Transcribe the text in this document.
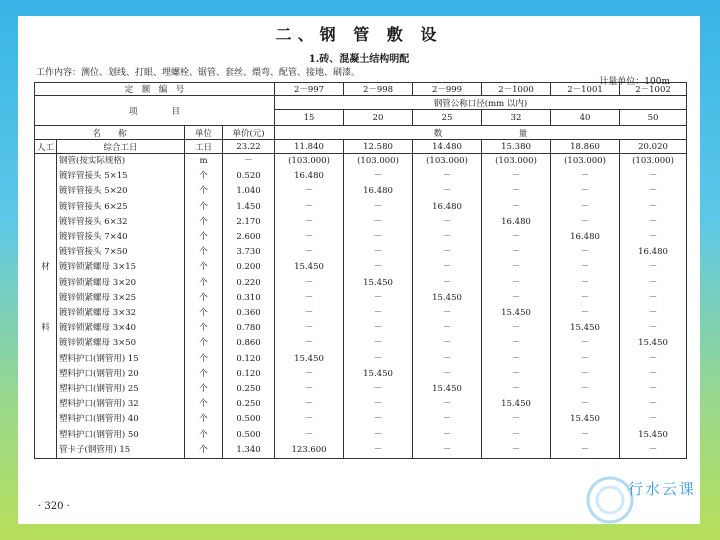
二、钢 管 敷 设
1.砖、混凝土结构明配
工作内容：测位、划线、打眼、埋螺栓、锯管、套丝、煨弯、配管、接地、刷漆。
计量单位：100m
定　额　编　号				2－997	2－998	2－999	2－1000	2－1001	2－1002
项　　　　目				钢管公称口径(mm 以内)					
				15	20	25	32	40	50
名　　称		单位	单价(元)	数　　　　　　　　　量					
人工	综合工日	工日	23.22	11.840	12.580	14.480	15.380	18.860	20.020
	钢管(按实际规格)	m	－	(103.000)	(103.000)	(103.000)	(103.000)	(103.000)	(103.000)
	镀锌管接头 5×15	个	0.520	16.480	－	－	－	－	－
	镀锌管接头 5×20	个	1.040	－	16.480	－	－	－	－
	镀锌管接头 6×25	个	1.450	－	－	16.480	－	－	－
	镀锌管接头 6×32	个	2.170	－	－	－	16.480	－	－
	镀锌管接头 7×40	个	2.600	－	－	－	－	16.480	－
	镀锌管接头 7×50	个	3.730	－	－	－	－	－	16.480
材	镀锌锁紧螺母 3×15	个	0.200	15.450	－	－	－	－	－
	镀锌锁紧螺母 3×20	个	0.220	－	15.450	－	－	－	－
	镀锌锁紧螺母 3×25	个	0.310	－	－	15.450	－	－	－
	镀锌锁紧螺母 3×32	个	0.360	－	－	－	15.450	－	－
料	镀锌锁紧螺母 3×40	个	0.780	－	－	－	－	15.450	－
	镀锌锁紧螺母 3×50	个	0.860	－	－	－	－	－	15.450
	塑料护口(钢管用) 15	个	0.120	15.450	－	－	－	－	－
	塑料护口(钢管用) 20	个	0.120	－	15.450	－	－	－	－
	塑料护口(钢管用) 25	个	0.250	－	－	15.450	－	－	－
	塑料护口(钢管用) 32	个	0.250	－	－	－	15.450	－	－
	塑料护口(钢管用) 40	个	0.500	－	－	－	－	15.450	－
	塑料护口(钢管用) 50	个	0.500	－	－	－	－	－	15.450
	管卡子(钢管用) 15	个	1.340	123.600	－	－	－	－	－
· 320 ·
行水云课
